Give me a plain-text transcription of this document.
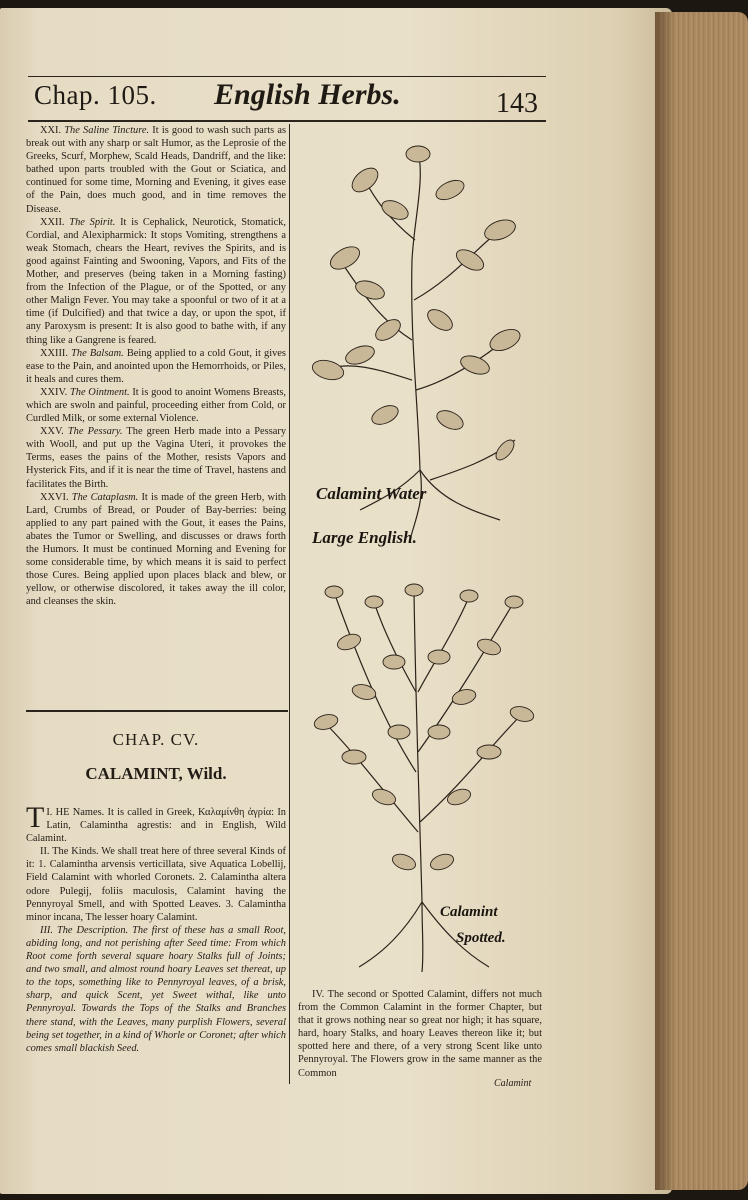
Chap. 105. English Herbs.	143

XXI. The Saline Tincture. It is good to wash such parts as break out with any sharp or salt Humor, as the Leprosie of the Greeks, Scurf, Morphew, Scald Heads, Dandriff, and the like: bathed upon parts troubled with the Gout or Sciatica, and continued for some time, Morning and Evening, it gives ease of the Pain, does much good, and in time removes the Disease.

XXII. The Spirit. It is Cephalick, Neurotick, Stomatick, Cordial, and Alexipharmick: It stops Vomiting, strengthens a weak Stomach, chears the Heart, revives the Spirits, and is good against Fainting and Swooning, Vapors, and Fits of the Mother, and preserves (being taken in a Morning fasting) from the Infection of the Plague, or of the Spotted, or any other Malign Fever. You may take a spoonful or two of it at a time (if Dulcified) and that twice a day, or upon the spot, if any Paroxysm is present: It is also good to bathe with, if any thing like a Gangrene is feared.

XXIII. The Balsam. Being applied to a cold Gout, it gives ease to the Pain, and anointed upon the Hemorrhoids, or Piles, it heals and cures them.

XXIV. The Ointment. It is good to anoint Womens Breasts, which are swoln and painful, proceeding either from Cold, or Curdled Milk, or some external Violence.

XXV. The Pessary. The green Herb made into a Pessary with Wooll, and put up the Vagina Uteri, it provokes the Terms, eases the pains of the Mother, resists Vapors and Hysterick Fits, and if it is near the time of Travel, hastens and facilitates the Birth.

XXVI. The Cataplasm. It is made of the green Herb, with Lard, Crumbs of Bread, or Pouder of Bay-berries: being applied to any part pained with the Gout, it eases the Pains, abates the Tumor or Swelling, and discusses or draws forth the Humors. It must be continued Morning and Evening for some considerable time, by which means it is said to perfect those Cures. Being applied upon places black and blew, or yellow, or otherwise discolored, it takes away the ill color, and cleanses the skin.

CHAP. CV.
CALAMINT, Wild.

T I. HE Names. It is called in Greek, Καλαμίνθη ἀγρία: In Latin, Calamintha agrestis: and in English, Wild Calamint.

II. The Kinds. We shall treat here of three several Kinds of it: 1. Calamintha arvensis verticillata, sive Aquatica Lobellij, Field Calamint with whorled Coronets. 2. Calamintha altera odore Pulegij, foliis maculosis, Calamint having the Pennyroyal Smell, and with Spotted Leaves. 3. Calamintha minor incana, The lesser hoary Calamint.

III. The Description. The first of these has a small Root, abiding long, and not perishing after Seed time: From which Root come forth several square hoary Stalks full of Joints; and two small, and almost round hoary Leaves set thereat, up to the tops, something like to Pennyroyal leaves, of a brisk, sharp, and quick Scent, yet Sweet withal, like unto Pennyroyal. Towards the Tops of the Stalks and Branches there stand, with the Leaves, many purplish Flowers, several being set together, in a kind of Whorle or Coronet; after which comes small blackish Seed.

Calamint Water
Large English.
Calamint
Spotted.

IV. The second or Spotted Calamint, differs not much from the Common Calamint in the former Chapter, but that it grows nothing near so great nor high; it has square, hard, hoary Stalks, and hoary Leaves thereon like it; but spotted here and there, of a very strong Scent like unto Pennyroyal. The Flowers grow in the same manner as the Common

Calamint
